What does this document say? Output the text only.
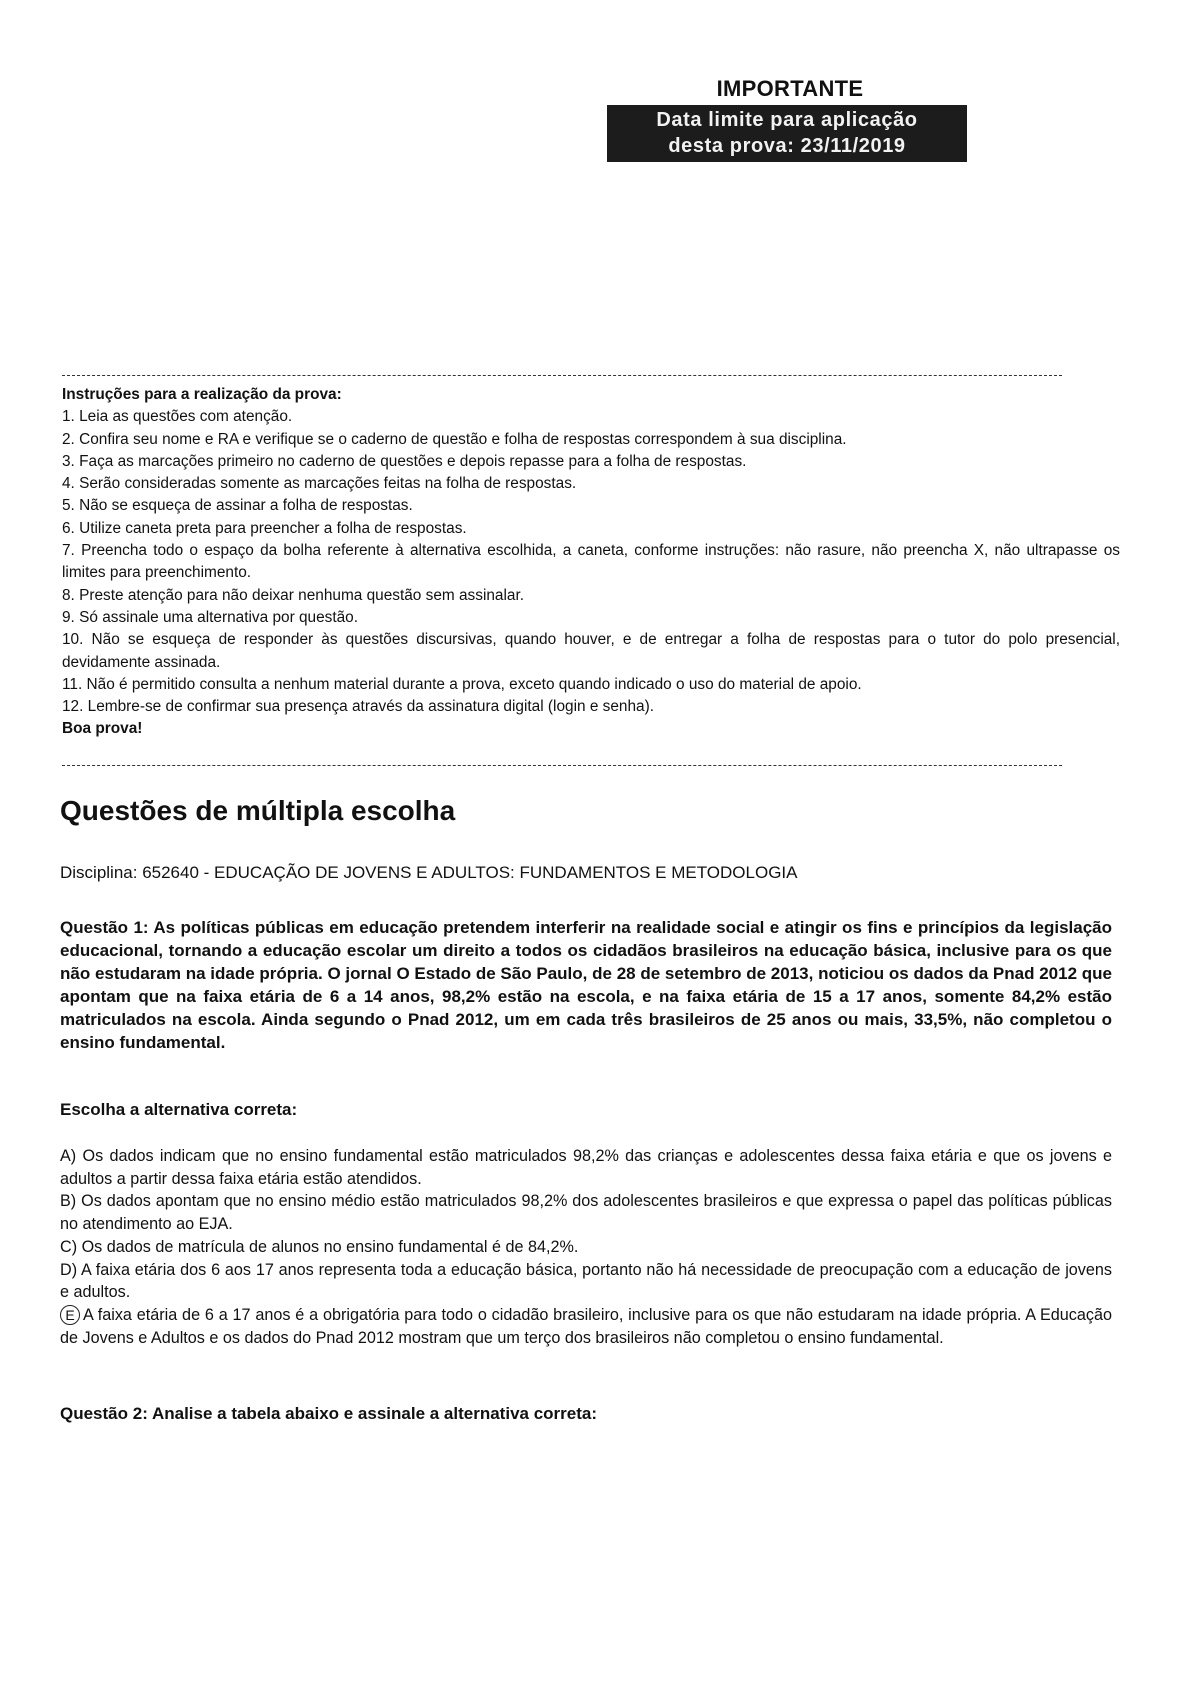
IMPORTANTE
Data limite para aplicação
desta prova: 23/11/2019
Instruções para a realização da prova:
1. Leia as questões com atenção.
2. Confira seu nome e RA e verifique se o caderno de questão e folha de respostas correspondem à sua disciplina.
3. Faça as marcações primeiro no caderno de questões e depois repasse para a folha de respostas.
4. Serão consideradas somente as marcações feitas na folha de respostas.
5. Não se esqueça de assinar a folha de respostas.
6. Utilize caneta preta para preencher a folha de respostas.
7. Preencha todo o espaço da bolha referente à alternativa escolhida, a caneta, conforme instruções: não rasure, não preencha X, não ultrapasse os limites para preenchimento.
8. Preste atenção para não deixar nenhuma questão sem assinalar.
9. Só assinale uma alternativa por questão.
10. Não se esqueça de responder às questões discursivas, quando houver, e de entregar a folha de respostas para o tutor do polo presencial, devidamente assinada.
11. Não é permitido consulta a nenhum material durante a prova, exceto quando indicado o uso do material de apoio.
12. Lembre-se de confirmar sua presença através da assinatura digital (login e senha).
Boa prova!
Questões de múltipla escolha
Disciplina: 652640 - EDUCAÇÃO DE JOVENS E ADULTOS: FUNDAMENTOS E METODOLOGIA
Questão 1: As políticas públicas em educação pretendem interferir na realidade social e atingir os fins e princípios da legislação educacional, tornando a educação escolar um direito a todos os cidadãos brasileiros na educação básica, inclusive para os que não estudaram na idade própria. O jornal O Estado de São Paulo, de 28 de setembro de 2013, noticiou os dados da Pnad 2012 que apontam que na faixa etária de 6 a 14 anos, 98,2% estão na escola, e na faixa etária de 15 a 17 anos, somente 84,2% estão matriculados na escola. Ainda segundo o Pnad 2012, um em cada três brasileiros de 25 anos ou mais, 33,5%, não completou o ensino fundamental.
Escolha a alternativa correta:
A) Os dados indicam que no ensino fundamental estão matriculados 98,2% das crianças e adolescentes dessa faixa etária e que os jovens e adultos a partir dessa faixa etária estão atendidos.
B) Os dados apontam que no ensino médio estão matriculados 98,2% dos adolescentes brasileiros e que expressa o papel das políticas públicas no atendimento ao EJA.
C) Os dados de matrícula de alunos no ensino fundamental é de 84,2%.
D) A faixa etária dos 6 aos 17 anos representa toda a educação básica, portanto não há necessidade de preocupação com a educação de jovens e adultos.
E A faixa etária de 6 a 17 anos é a obrigatória para todo o cidadão brasileiro, inclusive para os que não estudaram na idade própria. A Educação de Jovens e Adultos e os dados do Pnad 2012 mostram que um terço dos brasileiros não completou o ensino fundamental.
Questão 2: Analise a tabela abaixo e assinale a alternativa correta:
